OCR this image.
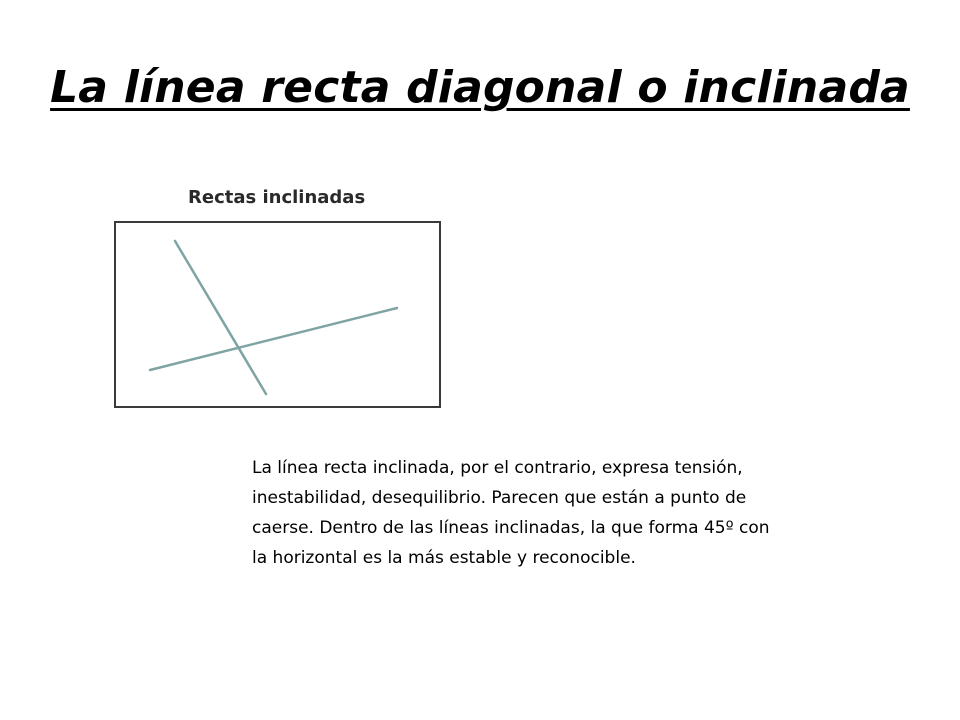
La línea recta diagonal o inclinada
Rectas inclinadas

La línea recta inclinada, por el contrario, expresa tensión,
inestabilidad, desequilibrio. Parecen que están a punto de
caerse. Dentro de las líneas inclinadas, la que forma 45º con
la horizontal es la más estable y reconocible.
